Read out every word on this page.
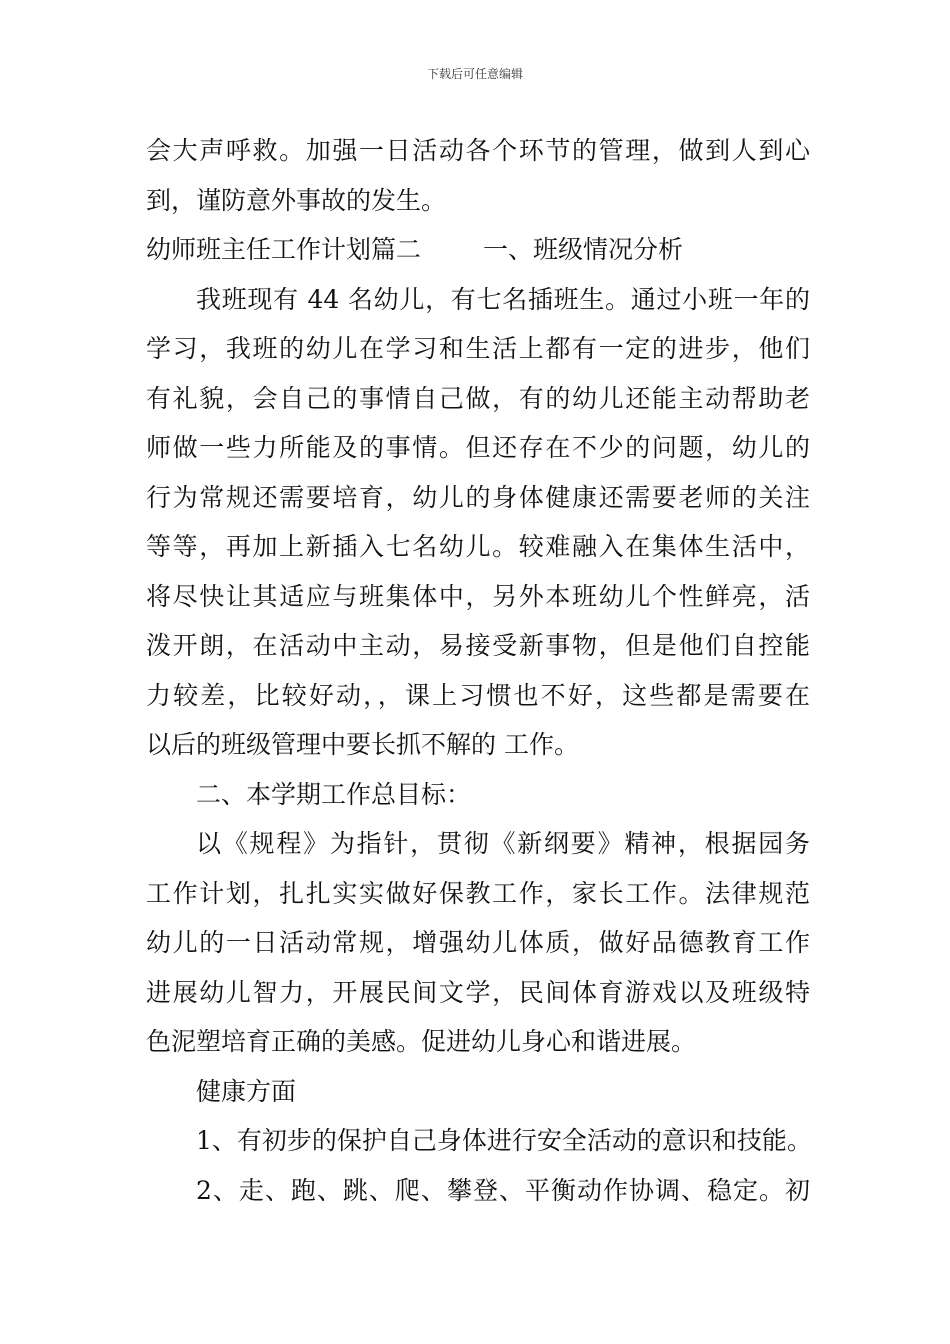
下载后可任意编辑
会大声呼救。加强一日活动各个环节的管理，做到人到心
到，谨防意外事故的发生。
幼师班主任工作计划篇二 一、班级情况分析
我班现有 44 名幼儿，有七名插班生。通过小班一年的
学习，我班的幼儿在学习和生活上都有一定的进步，他们
有礼貌，会自己的事情自己做，有的幼儿还能主动帮助老
师做一些力所能及的事情。但还存在不少的问题，幼儿的
行为常规还需要培育，幼儿的身体健康还需要老师的关注
等等，再加上新插入七名幼儿。较难融入在集体生活中，
将尽快让其适应与班集体中，另外本班幼儿个性鲜亮，活
泼开朗，在活动中主动，易接受新事物，但是他们自控能
力较差，比较好动，，课上习惯也不好，这些都是需要在
以后的班级管理中要长抓不解的 工作。
二、本学期工作总目标：
以《规程》为指针，贯彻《新纲要》精神，根据园务
工作计划，扎扎实实做好保教工作，家长工作。法律规范
幼儿的一日活动常规，增强幼儿体质，做好品德教育工作
进展幼儿智力，开展民间文学，民间体育游戏以及班级特
色泥塑培育正确的美感。促进幼儿身心和谐进展。
健康方面
1、有初步的保护自己身体进行安全活动的意识和技能。
2、走、跑、跳、爬、攀登、平衡动作协调、稳定。初
